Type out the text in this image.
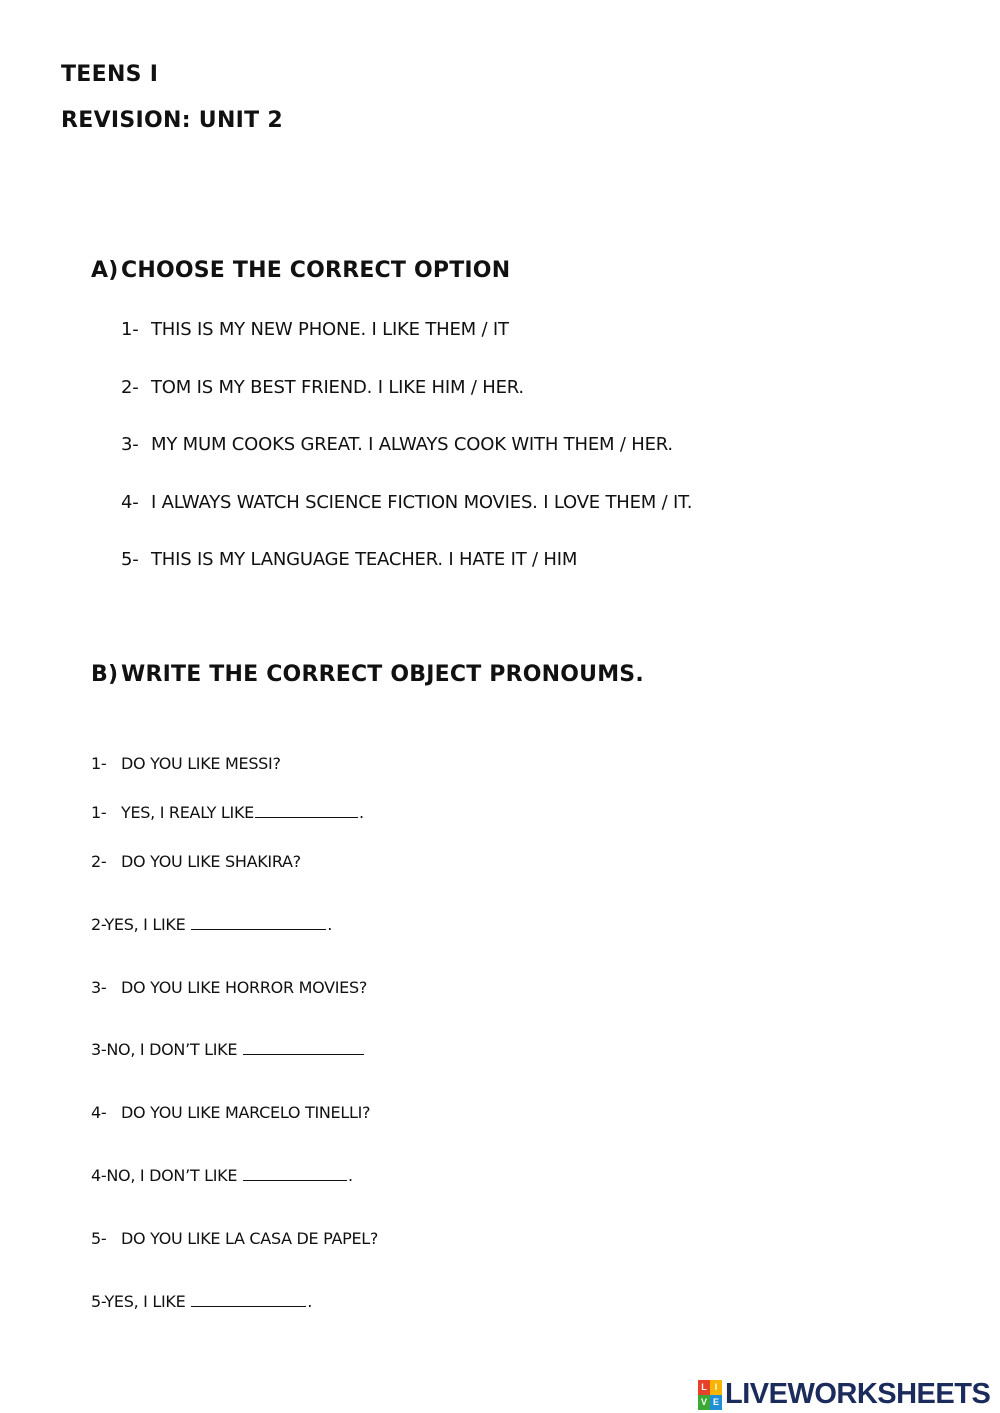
TEENS I
REVISION: UNIT 2
A) CHOOSE THE CORRECT OPTION
1- THIS IS MY NEW PHONE. I LIKE THEM / IT
2- TOM IS MY BEST FRIEND. I LIKE HIM / HER.
3- MY MUM COOKS GREAT. I ALWAYS COOK WITH THEM / HER.
4- I ALWAYS WATCH SCIENCE FICTION MOVIES. I LOVE THEM / IT.
5- THIS IS MY LANGUAGE TEACHER. I HATE IT / HIM
B) WRITE THE CORRECT OBJECT PRONOUMS.
1- DO YOU LIKE MESSI?
1- YES, I REALY LIKE	.
2- DO YOU LIKE SHAKIRA?
2-YES, I LIKE	.
3- DO YOU LIKE HORROR MOVIES?
3-NO, I DON’T LIKE
4- DO YOU LIKE MARCELO TINELLI?
4-NO, I DON’T LIKE	.
5- DO YOU LIKE LA CASA DE PAPEL?
5-YES, I LIKE	.
L I
V E LIVEWORKSHEETS
